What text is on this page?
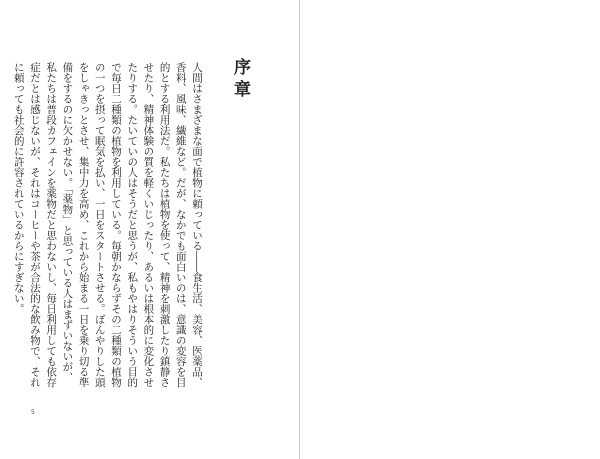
序章

人間はさまざまな面で植物に頼っている――食生活、美容、医薬品、香料、風味、繊維など。だが、なかでも面白いのは、意識の変容を目的とする利用法だ。私たちは植物を使って、精神を刺激したり鎮静させたり、精神体験の質を軽くいじったり、あるいは根本的に変化させたりする。たいていの人はそうだと思うが、私もやはりそういう目的で毎日二種類の植物を利用している。毎朝かならずその二種類の植物の一つを摂って眠気を払い、一日をスタートさせる。ぼんやりした頭をしゃきっとさせ、集中力を高め、これから始まる一日を乗り切る準備をするのに欠かせない。「薬物」と思っている人はまずいないが、私たちは普段カフェインを薬物だと思わないし、毎日利用しても依存症だとは感じないが、それはコーヒーや茶が合法的な飲み物で、それに頼っても社会的に許容されているからにすぎない。

5
